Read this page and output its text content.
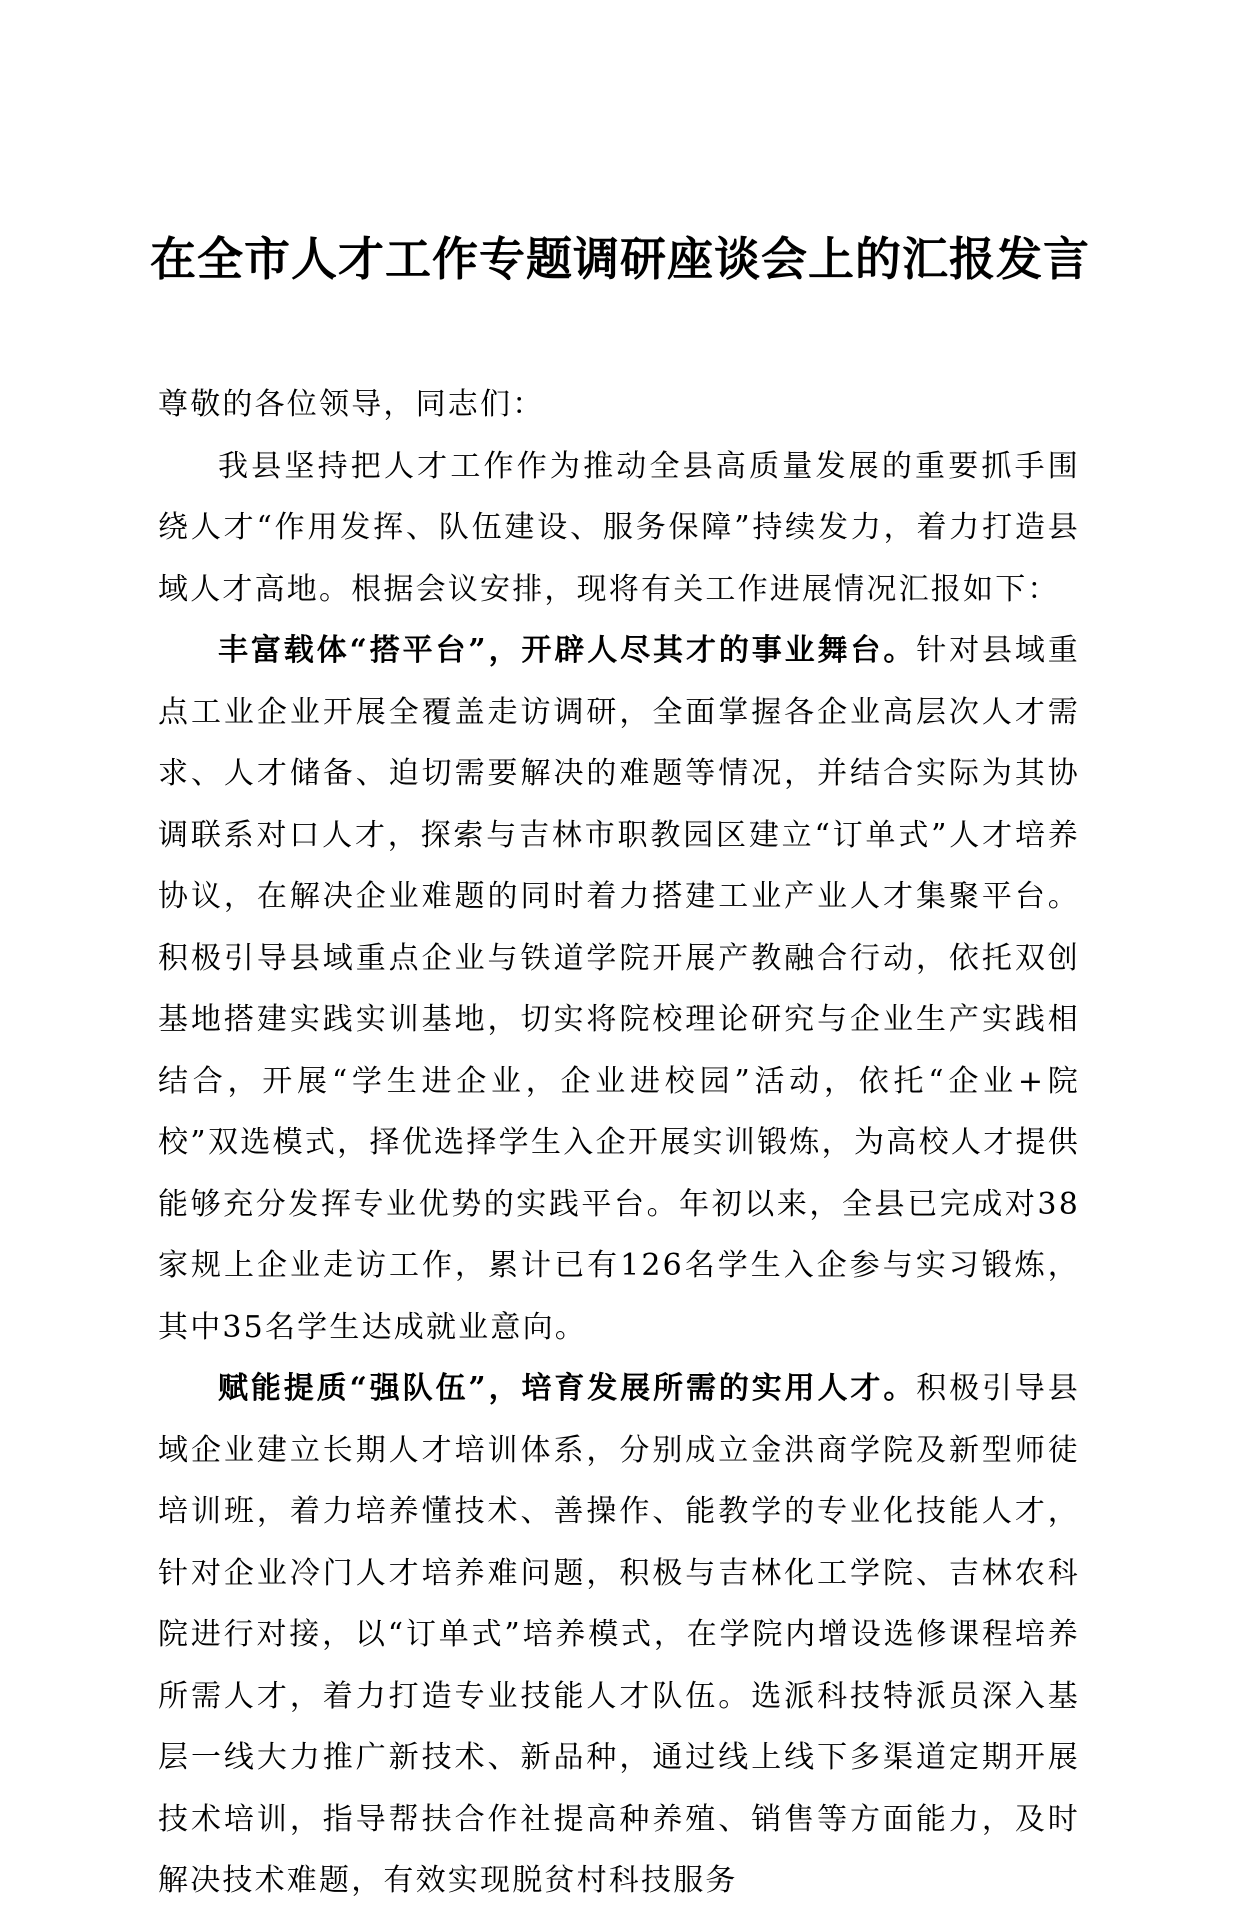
在全市人才工作专题调研座谈会上的汇报发言

尊敬的各位领导，同志们：

我县坚持把人才工作作为推动全县高质量发展的重要抓手围绕人才“作用发挥、队伍建设、服务保障”持续发力，着力打造县域人才高地。根据会议安排，现将有关工作进展情况汇报如下：

丰富载体“搭平台”，开辟人尽其才的事业舞台。针对县域重点工业企业开展全覆盖走访调研，全面掌握各企业高层次人才需求、人才储备、迫切需要解决的难题等情况，并结合实际为其协调联系对口人才，探索与吉林市职教园区建立“订单式”人才培养协议，在解决企业难题的同时着力搭建工业产业人才集聚平台。积极引导县域重点企业与铁道学院开展产教融合行动，依托双创基地搭建实践实训基地，切实将院校理论研究与企业生产实践相结合，开展“学生进企业，企业进校园”活动，依托“企业+院校”双选模式，择优选择学生入企开展实训锻炼，为高校人才提供能够充分发挥专业优势的实践平台。年初以来，全县已完成对38家规上企业走访工作，累计已有126名学生入企参与实习锻炼，其中35名学生达成就业意向。

赋能提质“强队伍”，培育发展所需的实用人才。积极引导县域企业建立长期人才培训体系，分别成立金洪商学院及新型师徒培训班，着力培养懂技术、善操作、能教学的专业化技能人才，针对企业冷门人才培养难问题，积极与吉林化工学院、吉林农科院进行对接，以“订单式”培养模式，在学院内增设选修课程培养所需人才，着力打造专业技能人才队伍。选派科技特派员深入基层一线大力推广新技术、新品种，通过线上线下多渠道定期开展技术培训，指导帮扶合作社提高种养殖、销售等方面能力，及时解决技术难题，有效实现脱贫村科技服务
